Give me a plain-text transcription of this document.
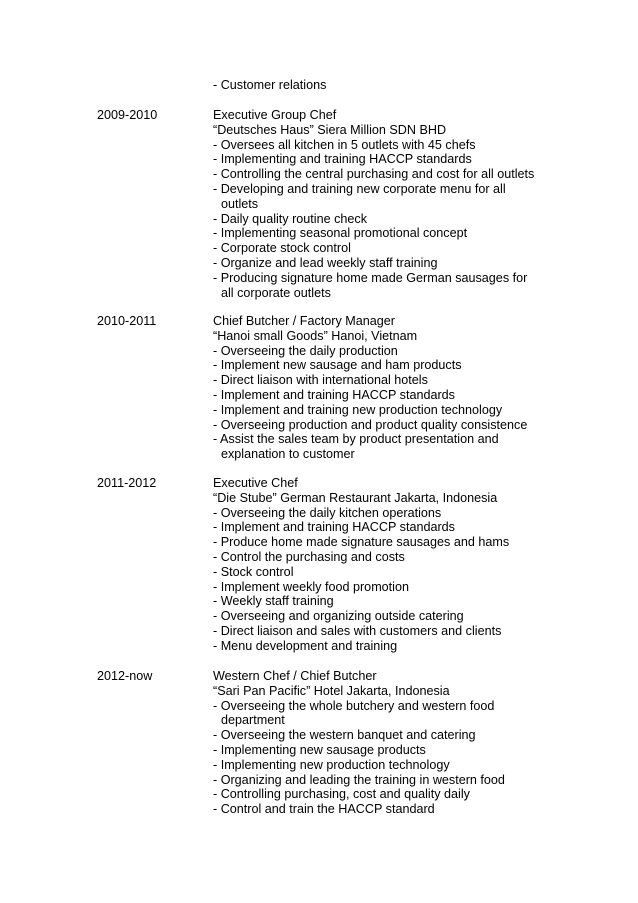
- Customer relations
2009-2010	Executive Group Chef
“Deutsches Haus” Siera Million SDN BHD
- Oversees all kitchen in 5 outlets with 45 chefs
- Implementing and training HACCP standards
- Controlling the central purchasing and cost for all outlets
- Developing and training new corporate menu for all
outlets
- Daily quality routine check
- Implementing seasonal promotional concept
- Corporate stock control
- Organize and lead weekly staff training
- Producing signature home made German sausages for
all corporate outlets
2010-2011	Chief Butcher / Factory Manager
“Hanoi small Goods” Hanoi, Vietnam
- Overseeing the daily production
- Implement new sausage and ham products
- Direct liaison with international hotels
- Implement and training HACCP standards
- Implement and training new production technology
- Overseeing production and product quality consistence
- Assist the sales team by product presentation and
explanation to customer
2011-2012	Executive Chef
“Die Stube” German Restaurant Jakarta, Indonesia
- Overseeing the daily kitchen operations
- Implement and training HACCP standards
- Produce home made signature sausages and hams
- Control the purchasing and costs
- Stock control
- Implement weekly food promotion
- Weekly staff training
- Overseeing and organizing outside catering
- Direct liaison and sales with customers and clients
- Menu development and training
2012-now	Western Chef / Chief Butcher
“Sari Pan Pacific” Hotel Jakarta, Indonesia
- Overseeing the whole butchery and western food
department
- Overseeing the western banquet and catering
- Implementing new sausage products
- Implementing new production technology
- Organizing and leading the training in western food
- Controlling purchasing, cost and quality daily
- Control and train the HACCP standard
